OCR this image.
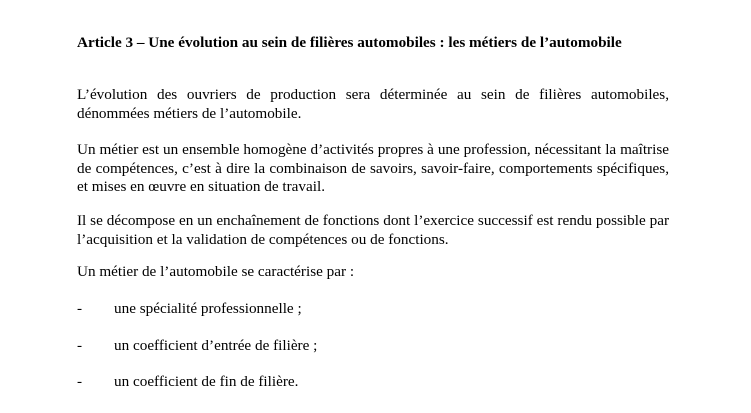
Article 3 – Une évolution au sein de filières automobiles : les métiers de l’automobile

L’évolution des ouvriers de production sera déterminée au sein de filières automobiles, dénommées métiers de l’automobile.

Un métier est un ensemble homogène d’activités propres à une profession, nécessitant la maîtrise de compétences, c’est à dire la combinaison de savoirs, savoir-faire, comportements spécifiques, et mises en œuvre en situation de travail.

Il se décompose en un enchaînement de fonctions dont l’exercice successif est rendu possible par l’acquisition et la validation de compétences ou de fonctions.

Un métier de l’automobile se caractérise par :

- une spécialité professionnelle ;
- un coefficient d’entrée de filière ;
- un coefficient de fin de filière.
